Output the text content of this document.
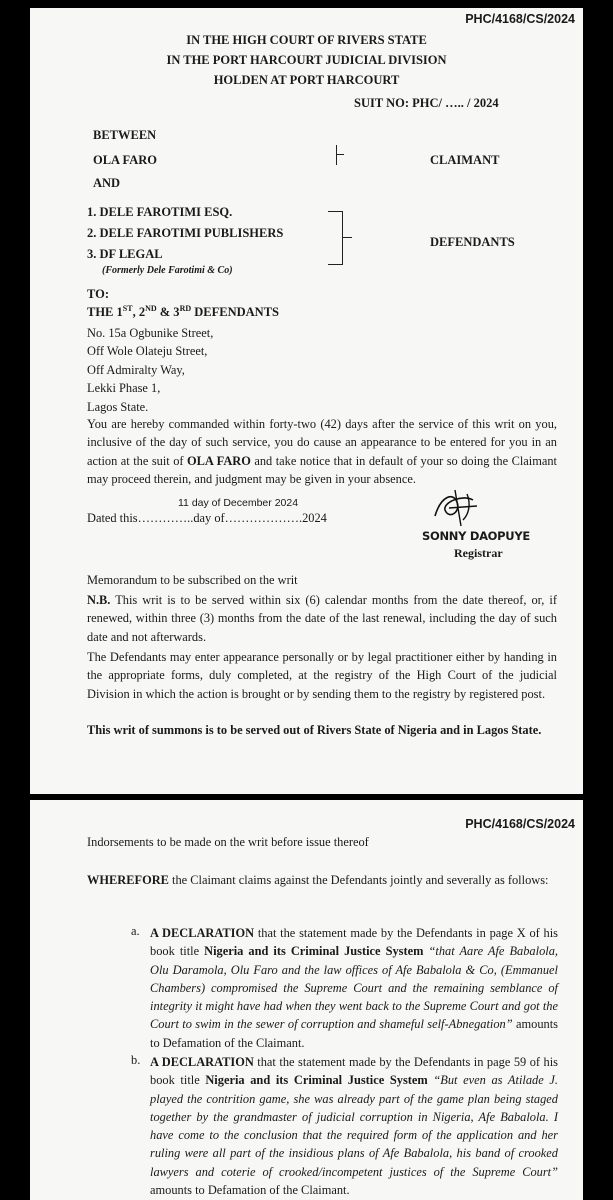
PHC/4168/CS/2024
IN THE HIGH COURT OF RIVERS STATE
IN THE PORT HARCOURT JUDICIAL DIVISION
HOLDEN AT PORT HARCOURT
SUIT NO: PHC/ ….. / 2024
BETWEEN
OLA FARO	CLAIMANT
AND
1. DELE FAROTIMI ESQ.
2. DELE FAROTIMI PUBLISHERS
3. DF LEGAL
(Formerly Dele Farotimi & Co)
DEFENDANTS
TO:
THE 1ST, 2ND & 3RD DEFENDANTS
No. 15a Ogbunike Street,
Off Wole Olateju Street,
Off Admiralty Way,
Lekki Phase 1,
Lagos State.
You are hereby commanded within forty-two (42) days after the service of this writ on you, inclusive of the day of such service, you do cause an appearance to be entered for you in an action at the suit of OLA FARO and take notice that in default of your so doing the Claimant may proceed therein, and judgment may be given in your absence.
11 day of December 2024
Dated this…………..day of……………….2024
SONNY DAOPUYE
Registrar
Memorandum to be subscribed on the writ
N.B. This writ is to be served within six (6) calendar months from the date thereof, or, if renewed, within three (3) months from the date of the last renewal, including the day of such date and not afterwards.
The Defendants may enter appearance personally or by legal practitioner either by handing in the appropriate forms, duly completed, at the registry of the High Court of the judicial Division in which the action is brought or by sending them to the registry by registered post.
This writ of summons is to be served out of Rivers State of Nigeria and in Lagos State.
PHC/4168/CS/2024
Indorsements to be made on the writ before issue thereof
WHEREFORE the Claimant claims against the Defendants jointly and severally as follows:
a. A DECLARATION that the statement made by the Defendants in page X of his book title Nigeria and its Criminal Justice System “that Aare Afe Babalola, Olu Daramola, Olu Faro and the law offices of Afe Babalola & Co, (Emmanuel Chambers) compromised the Supreme Court and the remaining semblance of integrity it might have had when they went back to the Supreme Court and got the Court to swim in the sewer of corruption and shameful self-Abnegation” amounts to Defamation of the Claimant.
b. A DECLARATION that the statement made by the Defendants in page 59 of his book title Nigeria and its Criminal Justice System “But even as Atilade J. played the contrition game, she was already part of the game plan being staged together by the grandmaster of judicial corruption in Nigeria, Afe Babalola. I have come to the conclusion that the required form of the application and her ruling were all part of the insidious plans of Afe Babalola, his band of crooked lawyers and coterie of crooked/incompetent justices of the Supreme Court” amounts to Defamation of the Claimant.
